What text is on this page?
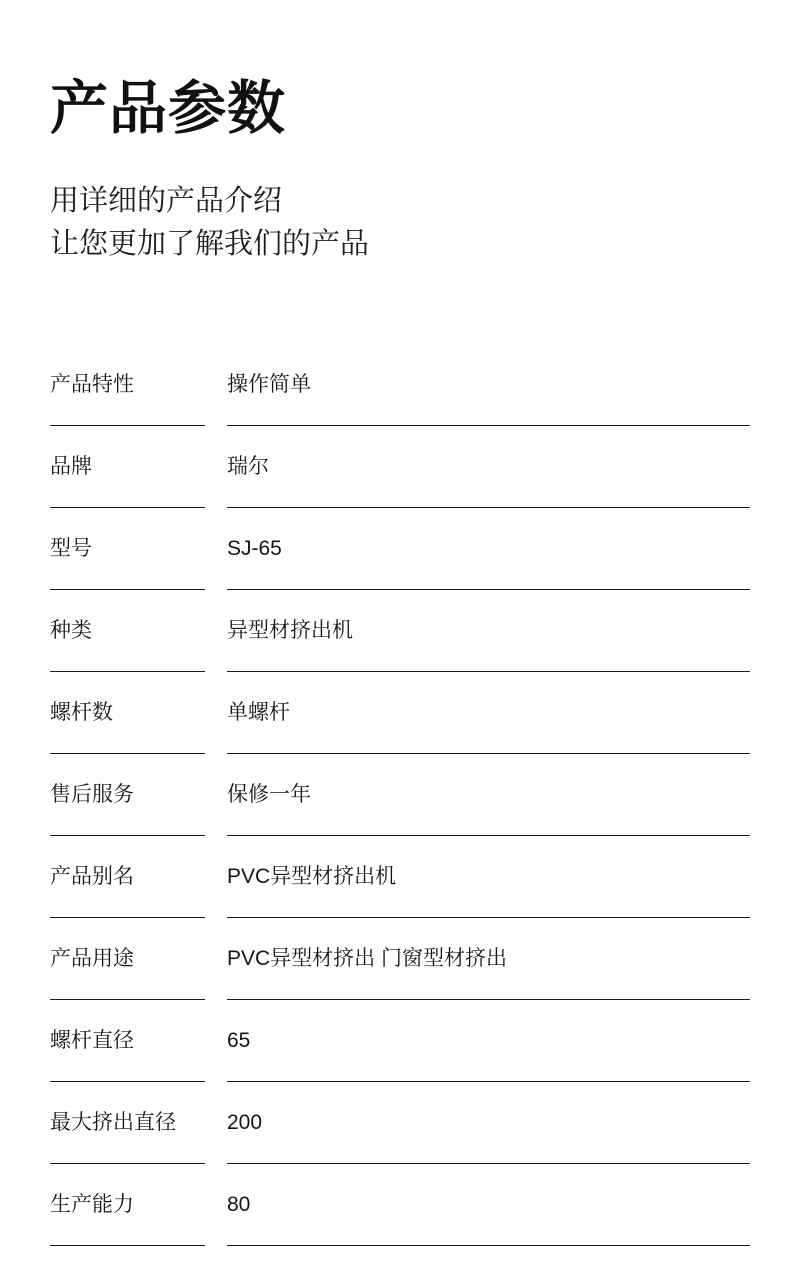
产品参数
用详细的产品介绍
让您更加了解我们的产品
产品特性		操作简单
品牌		瑞尔
型号		SJ-65
种类		异型材挤出机
螺杆数		单螺杆
售后服务		保修一年
产品别名		PVC异型材挤出机
产品用途		PVC异型材挤出 门窗型材挤出
螺杆直径		65
最大挤出直径		200
生产能力		80
